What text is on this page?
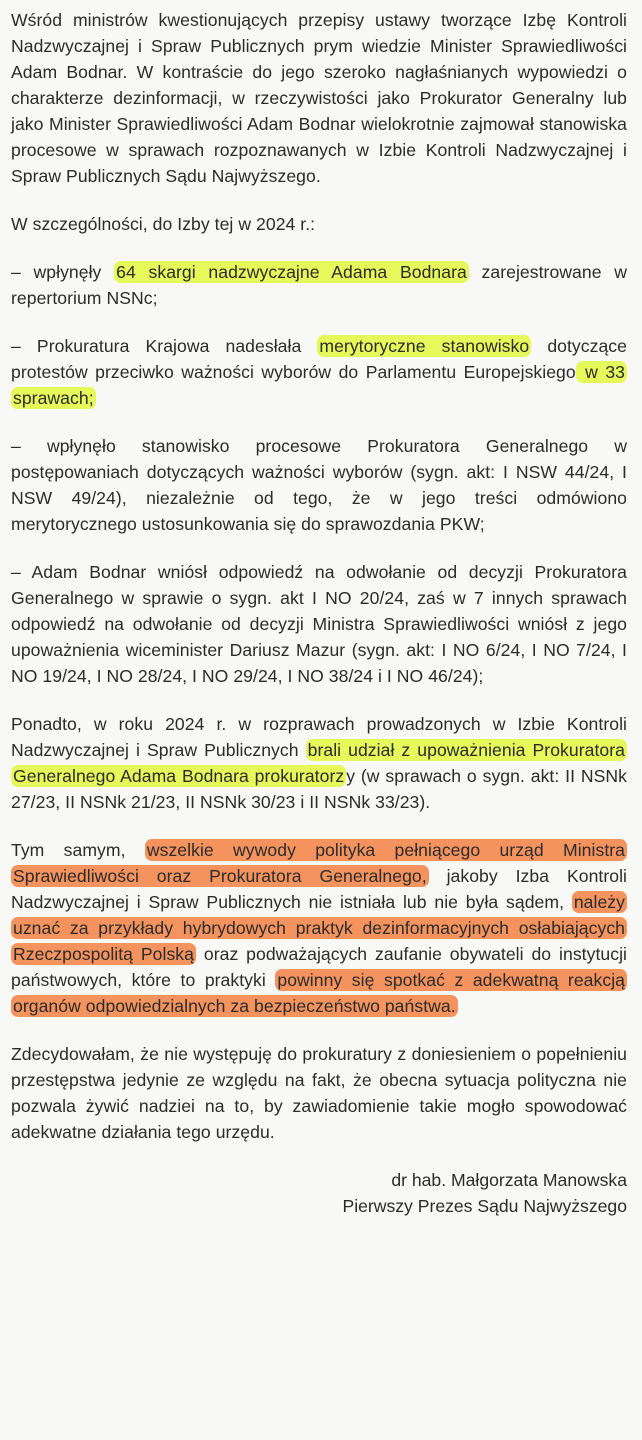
Wśród ministrów kwestionujących przepisy ustawy tworzące Izbę Kontroli Nadzwyczajnej i Spraw Publicznych prym wiedzie Minister Sprawiedliwości Adam Bodnar. W kontraście do jego szeroko nagłaśnianych wypowiedzi o charakterze dezinformacji, w rzeczywistości jako Prokurator Generalny lub jako Minister Sprawiedliwości Adam Bodnar wielokrotnie zajmował stanowiska procesowe w sprawach rozpoznawanych w Izbie Kontroli Nadzwyczajnej i Spraw Publicznych Sądu Najwyższego.

W szczególności, do Izby tej w 2024 r.:

– wpłynęły 64 skargi nadzwyczajne Adama Bodnara zarejestrowane w repertorium NSNc;

– Prokuratura Krajowa nadesłała merytoryczne stanowisko dotyczące protestów przeciwko ważności wyborów do Parlamentu Europejskiego w 33 sprawach;

– wpłynęło stanowisko procesowe Prokuratora Generalnego w postępowaniach dotyczących ważności wyborów (sygn. akt: I NSW 44/24, I NSW 49/24), niezależnie od tego, że w jego treści odmówiono merytorycznego ustosunkowania się do sprawozdania PKW;

– Adam Bodnar wniósł odpowiedź na odwołanie od decyzji Prokuratora Generalnego w sprawie o sygn. akt I NO 20/24, zaś w 7 innych sprawach odpowiedź na odwołanie od decyzji Ministra Sprawiedliwości wniósł z jego upoważnienia wiceminister Dariusz Mazur (sygn. akt: I NO 6/24, I NO 7/24, I NO 19/24, I NO 28/24, I NO 29/24, I NO 38/24 i I NO 46/24);

Ponadto, w roku 2024 r. w rozprawach prowadzonych w Izbie Kontroli Nadzwyczajnej i Spraw Publicznych brali udział z upoważnienia Prokuratora Generalnego Adama Bodnara prokuratorz y (w sprawach o sygn. akt: II NSNk 27/23, II NSNk 21/23, II NSNk 30/23 i II NSNk 33/23).

Tym samym, wszelkie wywody polityka pełniącego urząd Ministra Sprawiedliwości oraz Prokuratora Generalnego, jakoby Izba Kontroli Nadzwyczajnej i Spraw Publicznych nie istniała lub nie była sądem, należy uznać za przykłady hybrydowych praktyk dezinformacyjnych osłabiających Rzeczpospolitą Polską oraz podważających zaufanie obywateli do instytucji państwowych, które to praktyki powinny się spotkać z adekwatną reakcją organów odpowiedzialnych za bezpieczeństwo państwa.

Zdecydowałam, że nie występuję do prokuratury z doniesieniem o popełnieniu przestępstwa jedynie ze względu na fakt, że obecna sytuacja polityczna nie pozwala żywić nadziei na to, by zawiadomienie takie mogło spowodować adekwatne działania tego urzędu.

dr hab. Małgorzata Manowska
Pierwszy Prezes Sądu Najwyższego
